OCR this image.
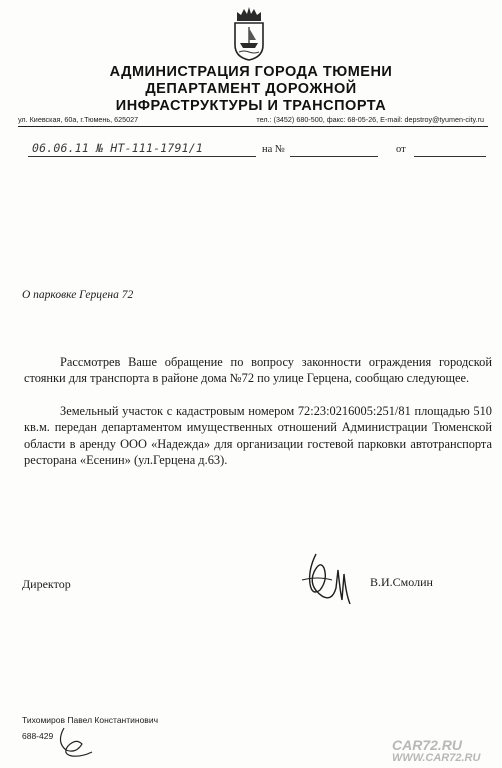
АДМИНИСТРАЦИЯ ГОРОДА ТЮМЕНИ
ДЕПАРТАМЕНТ ДОРОЖНОЙ
ИНФРАСТРУКТУРЫ И ТРАНСПОРТА
ул. Киевская, 60а, г.Тюмень, 625027	тел.: (3452) 680-500, факс: 68-05-26, E-mail: depstroy@tyumen-city.ru
06.06.11 № НТ-111-1791/1	на №	от
О парковке Герцена 72
Рассмотрев Ваше обращение по вопросу законности ограждения городской стоянки для транспорта в районе дома №72 по улице Герцена, сообщаю следующее.
Земельный участок с кадастровым номером 72:23:0216005:251/81 площадью 510 кв.м. передан департаментом имущественных отношений Администрации Тюменской области в аренду ООО «Надежда» для организации гостевой парковки автотранспорта ресторана «Есенин» (ул.Герцена д.63).
Директор	В.И.Смолин
Тихомиров Павел Константинович
688-429
CAR72.RU
WWW.CAR72.RU
